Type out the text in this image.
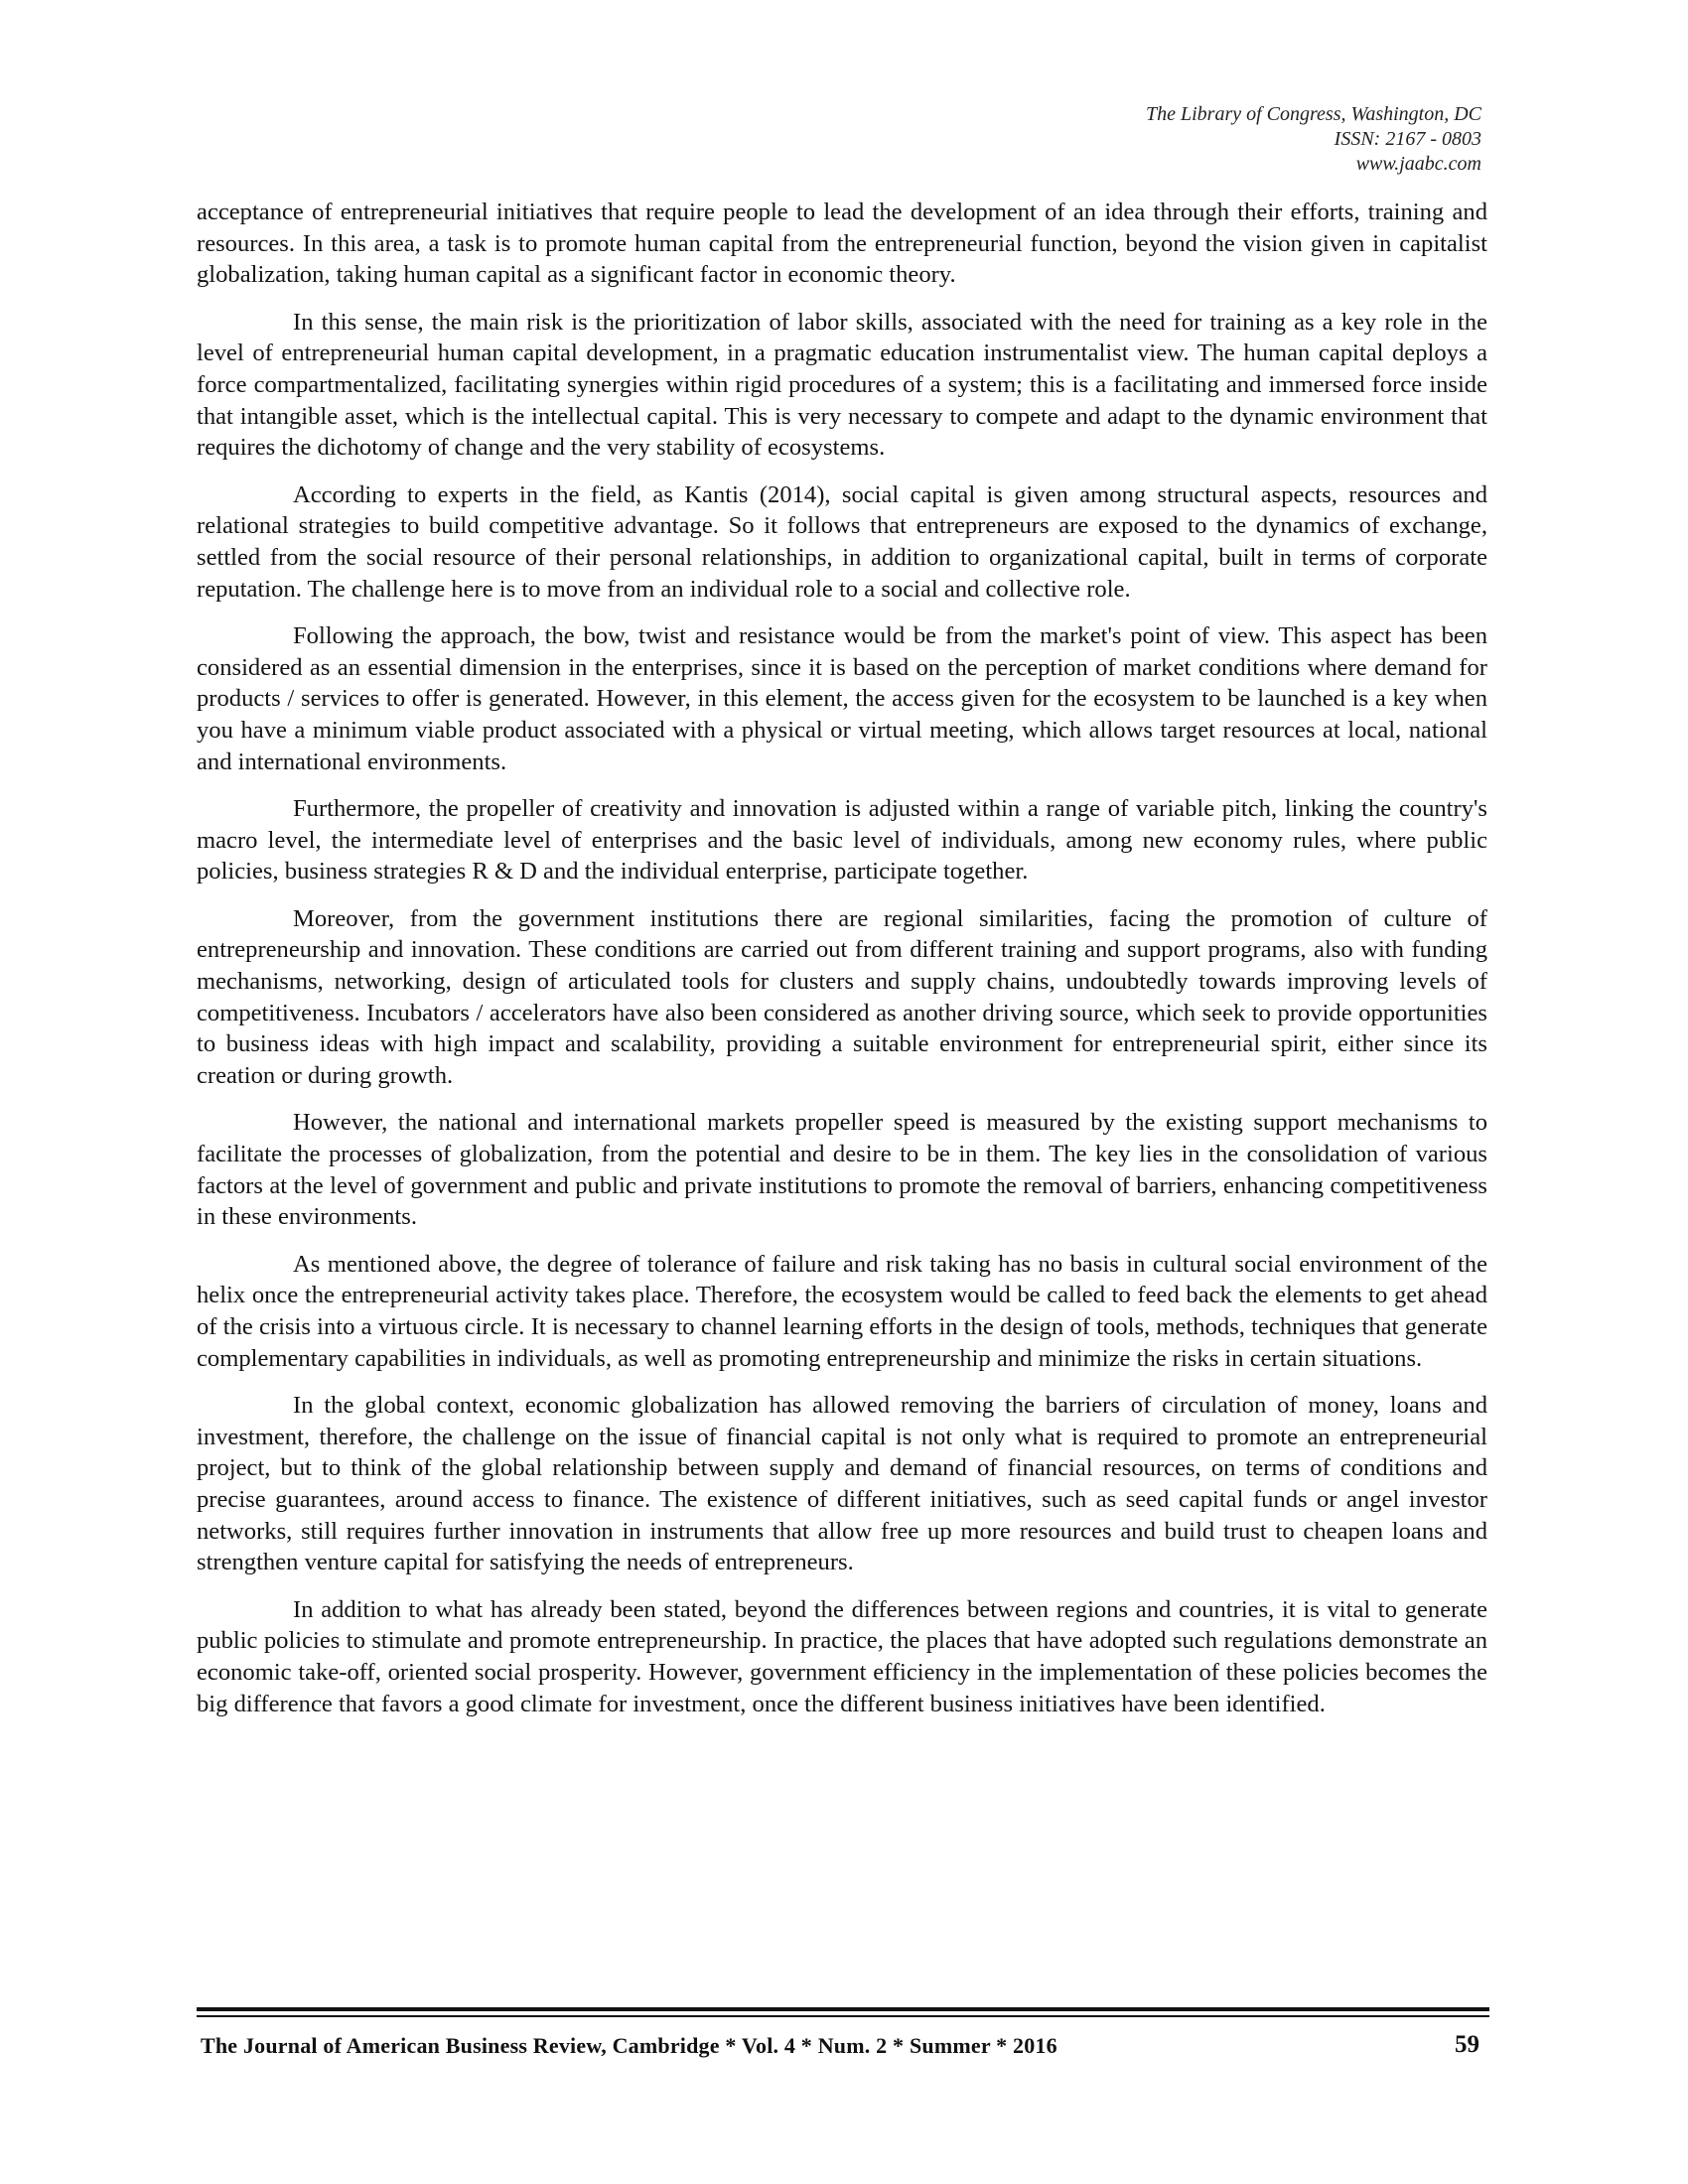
The Library of Congress, Washington, DC
ISSN: 2167 - 0803
www.jaabc.com

acceptance of entrepreneurial initiatives that require people to lead the development of an idea through their efforts, training and resources. In this area, a task is to promote human capital from the entrepreneurial function, beyond the vision given in capitalist globalization, taking human capital as a significant factor in economic theory.

In this sense, the main risk is the prioritization of labor skills, associated with the need for training as a key role in the level of entrepreneurial human capital development, in a pragmatic education instrumentalist view. The human capital deploys a force compartmentalized, facilitating synergies within rigid procedures of a system; this is a facilitating and immersed force inside that intangible asset, which is the intellectual capital. This is very necessary to compete and adapt to the dynamic environment that requires the dichotomy of change and the very stability of ecosystems.

According to experts in the field, as Kantis (2014), social capital is given among structural aspects, resources and relational strategies to build competitive advantage. So it follows that entrepreneurs are exposed to the dynamics of exchange, settled from the social resource of their personal relationships, in addition to organizational capital, built in terms of corporate reputation. The challenge here is to move from an individual role to a social and collective role.

Following the approach, the bow, twist and resistance would be from the market's point of view. This aspect has been considered as an essential dimension in the enterprises, since it is based on the perception of market conditions where demand for products / services to offer is generated. However, in this element, the access given for the ecosystem to be launched is a key when you have a minimum viable product associated with a physical or virtual meeting, which allows target resources at local, national and international environments.

Furthermore, the propeller of creativity and innovation is adjusted within a range of variable pitch, linking the country's macro level, the intermediate level of enterprises and the basic level of individuals, among new economy rules, where public policies, business strategies R & D and the individual enterprise, participate together.

Moreover, from the government institutions there are regional similarities, facing the promotion of culture of entrepreneurship and innovation. These conditions are carried out from different training and support programs, also with funding mechanisms, networking, design of articulated tools for clusters and supply chains, undoubtedly towards improving levels of competitiveness. Incubators / accelerators have also been considered as another driving source, which seek to provide opportunities to business ideas with high impact and scalability, providing a suitable environment for entrepreneurial spirit, either since its creation or during growth.

However, the national and international markets propeller speed is measured by the existing support mechanisms to facilitate the processes of globalization, from the potential and desire to be in them. The key lies in the consolidation of various factors at the level of government and public and private institutions to promote the removal of barriers, enhancing competitiveness in these environments.

As mentioned above, the degree of tolerance of failure and risk taking has no basis in cultural social environment of the helix once the entrepreneurial activity takes place. Therefore, the ecosystem would be called to feed back the elements to get ahead of the crisis into a virtuous circle. It is necessary to channel learning efforts in the design of tools, methods, techniques that generate complementary capabilities in individuals, as well as promoting entrepreneurship and minimize the risks in certain situations.

In the global context, economic globalization has allowed removing the barriers of circulation of money, loans and investment, therefore, the challenge on the issue of financial capital is not only what is required to promote an entrepreneurial project, but to think of the global relationship between supply and demand of financial resources, on terms of conditions and precise guarantees, around access to finance. The existence of different initiatives, such as seed capital funds or angel investor networks, still requires further innovation in instruments that allow free up more resources and build trust to cheapen loans and strengthen venture capital for satisfying the needs of entrepreneurs.

In addition to what has already been stated, beyond the differences between regions and countries, it is vital to generate public policies to stimulate and promote entrepreneurship. In practice, the places that have adopted such regulations demonstrate an economic take-off, oriented social prosperity. However, government efficiency in the implementation of these policies becomes the big difference that favors a good climate for investment, once the different business initiatives have been identified.

The Journal of American Business Review, Cambridge * Vol. 4 * Num. 2 * Summer * 2016	59
